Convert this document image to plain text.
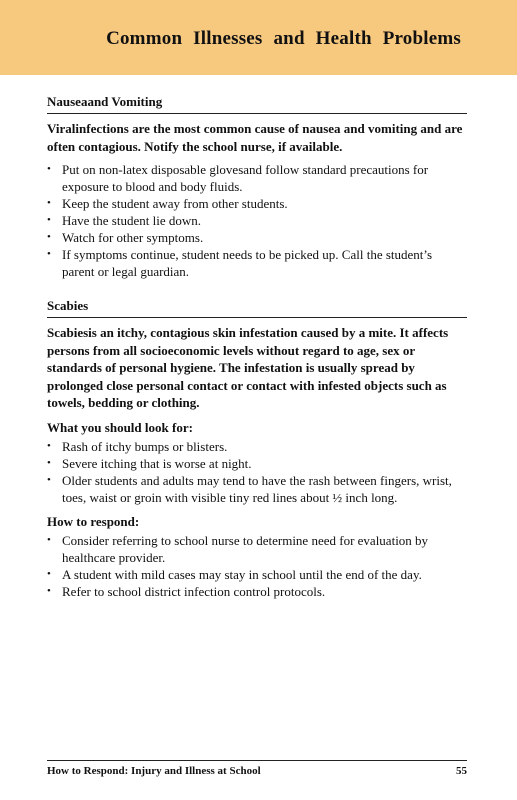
Common Illnesses and Health Problems
Nauseaand Vomiting
Viralinfections are the most common cause of nausea and vomiting and are often contagious. Notify the school nurse, if available.
• Put on non-latex disposable glovesand follow standard precautions for exposure to blood and body fluids.
• Keep the student away from other students.
• Have the student lie down.
• Watch for other symptoms.
• If symptoms continue, student needs to be picked up. Call the student’s parent or legal guardian.
Scabies
Scabiesis an itchy, contagious skin infestation caused by a mite. It affects persons from all socioeconomic levels without regard to age, sex or standards of personal hygiene. The infestation is usually spread by prolonged close personal contact or contact with infested objects such as towels, bedding or clothing.
What you should look for:
• Rash of itchy bumps or blisters.
• Severe itching that is worse at night.
• Older students and adults may tend to have the rash between fingers, wrist, toes, waist or groin with visible tiny red lines about ½ inch long.
How to respond:
• Consider referring to school nurse to determine need for evaluation by healthcare provider.
• A student with mild cases may stay in school until the end of the day.
• Refer to school district infection control protocols.
How to Respond: Injury and Illness at School	55
